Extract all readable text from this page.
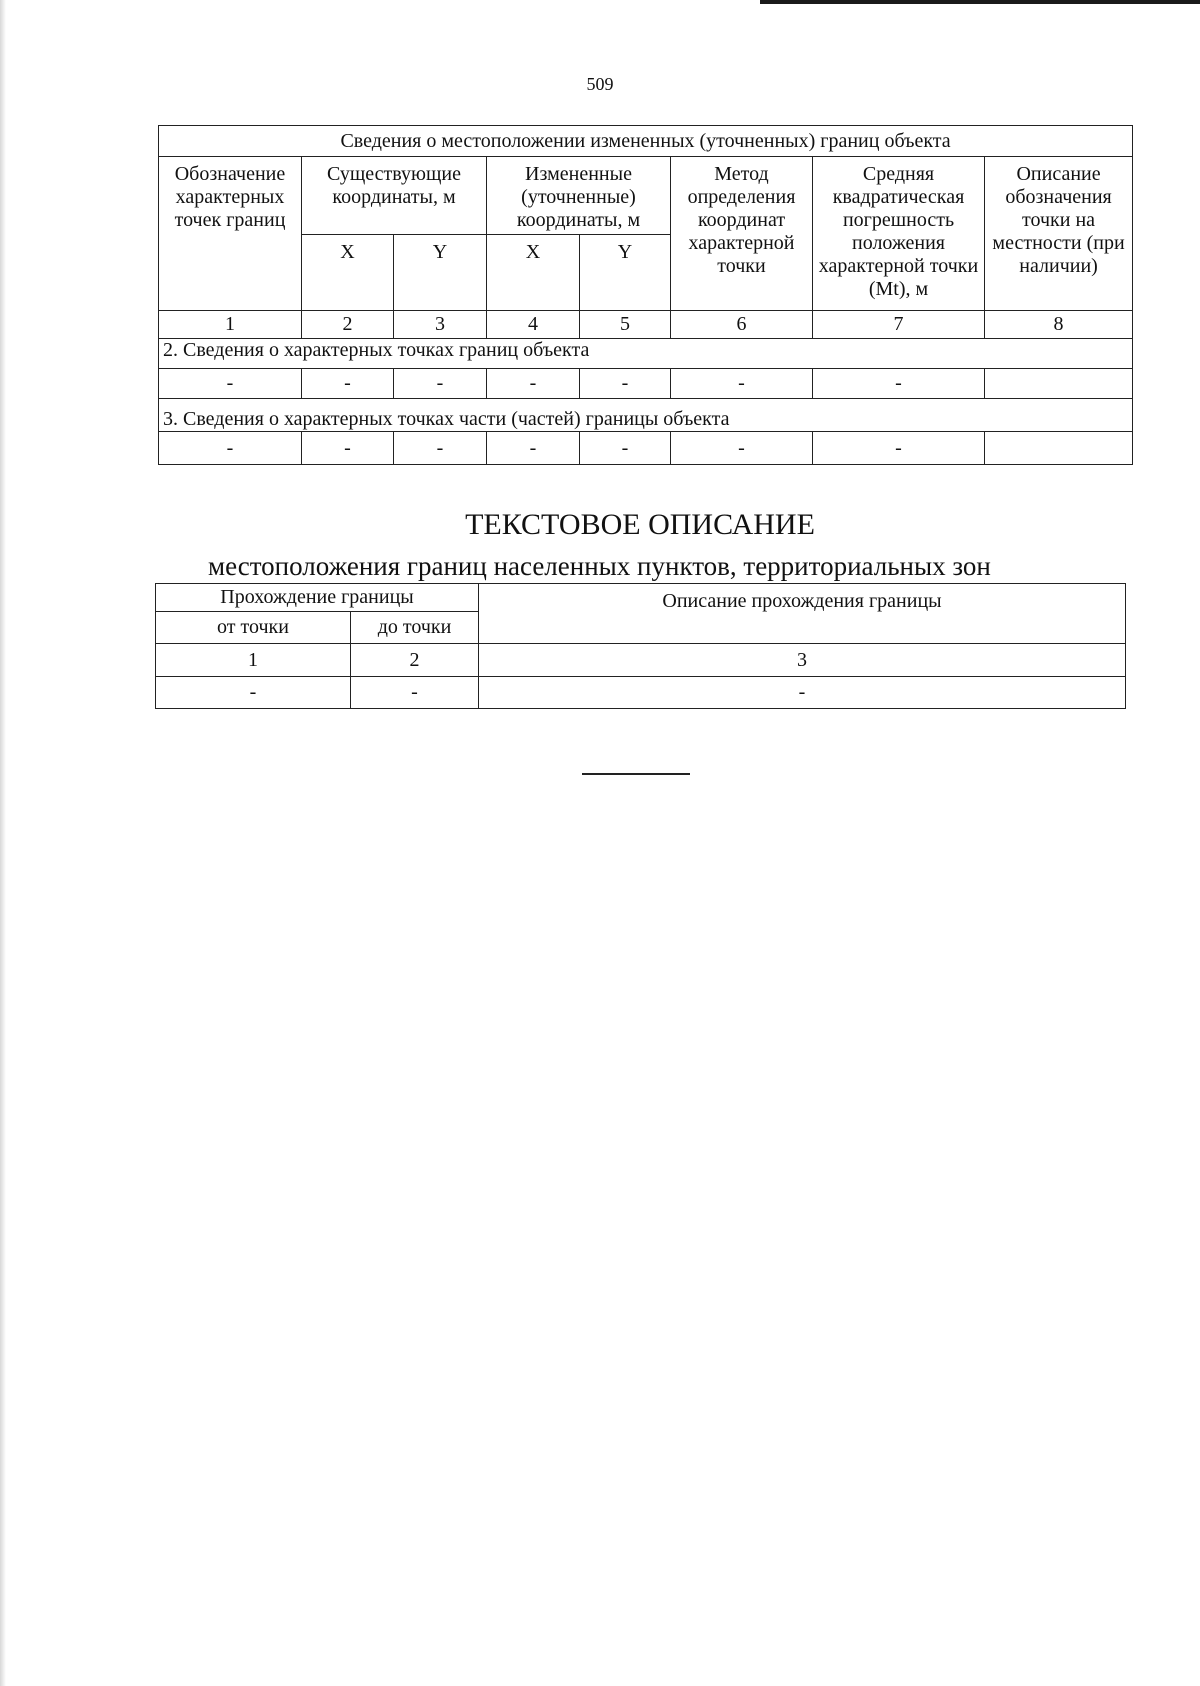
509
Сведения о местоположении измененных (уточненных) границ объекта							
Обозначение характерных точек границ	Существующие координаты, м		Измененные (уточненные) координаты, м		Метод определения координат характерной точки	Средняя квадратическая погрешность положения характерной точки (Mt), м	Описание обозначения точки на местности (при наличии)
	X	Y	X	Y			
1	2	3	4	5	6	7	8
2. Сведения о характерных точках границ объекта							
-	-	-	-	-	-	-	
3. Сведения о характерных точках части (частей) границы объекта							
-	-	-	-	-	-	-	
ТЕКСТОВОЕ ОПИСАНИЕ
местоположения границ населенных пунктов, территориальных зон
Прохождение границы		Описание прохождения границы
от точки	до точки	
1	2	3
-	-	-
